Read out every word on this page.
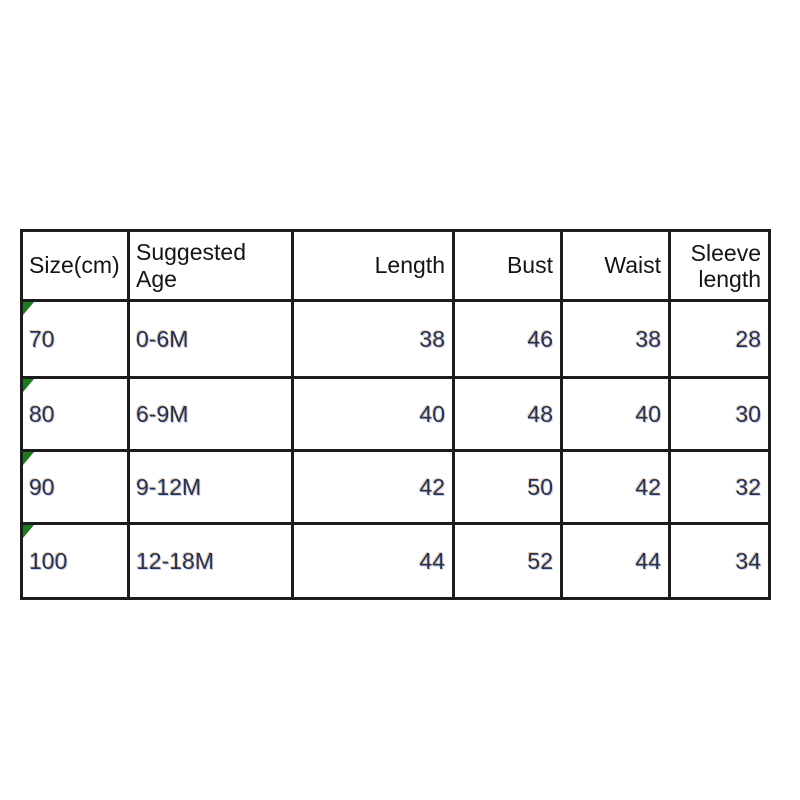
Size(cm)	Suggested Age	Length	Bust	Waist	Sleeve length

70	0-6M	38	46	38	28

80	6-9M	40	48	40	30

90	9-12M	42	50	42	32

100	12-18M	44	52	44	34
